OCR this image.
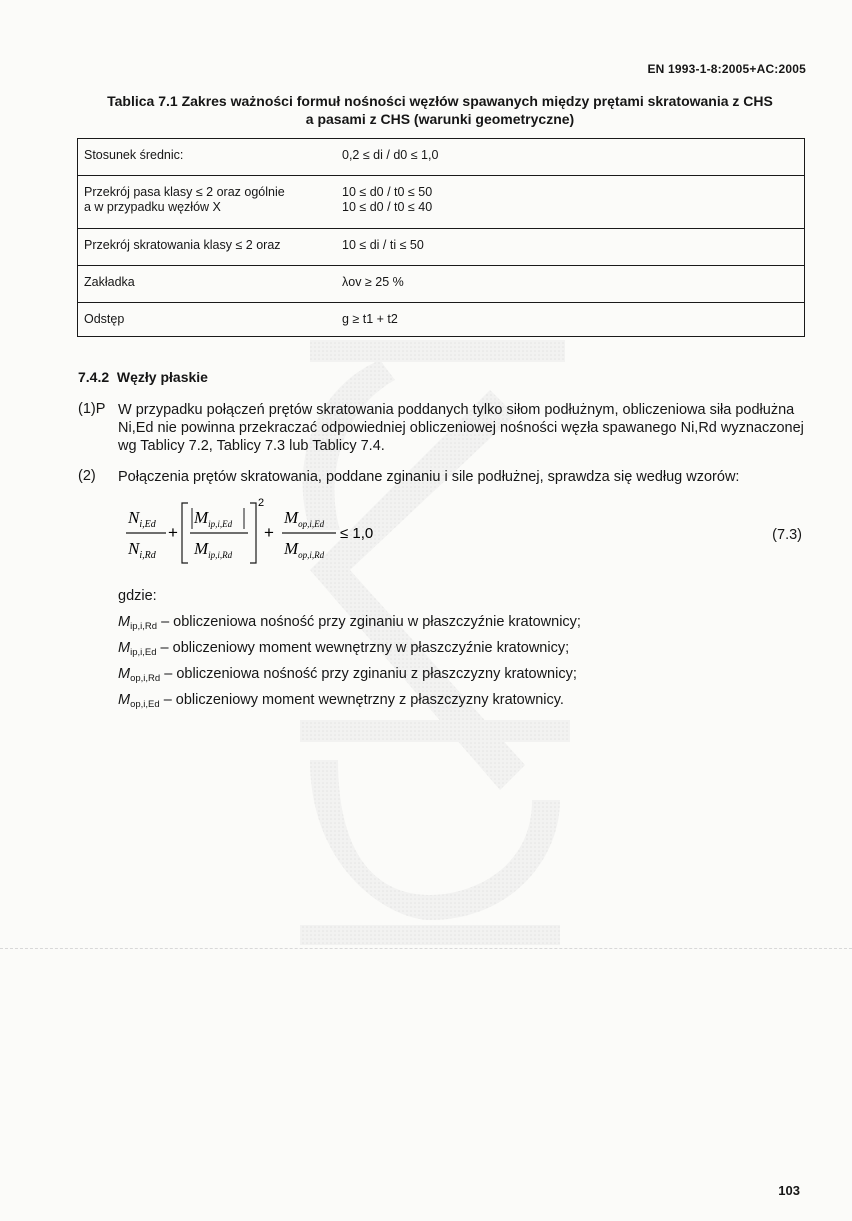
EN 1993-1-8:2005+AC:2005
Tablica 7.1 Zakres ważności formuł nośności węzłów spawanych między prętami skratowania z CHS
a pasami z CHS (warunki geometryczne)
Stosunek średnic:	0,2 ≤ di / d0 ≤ 1,0

Przekrój pasa klasy ≤ 2 oraz ogólnie	10 ≤ d0 / t0 ≤ 50
a w przypadku węzłów X	10 ≤ d0 / t0 ≤ 40

Przekrój skratowania klasy ≤ 2 oraz	10 ≤ di / ti ≤ 50

Zakładka	λov ≥ 25 %

Odstęp	g ≥ t1 + t2
7.4.2 Węzły płaskie
(1)P W przypadku połączeń prętów skratowania poddanych tylko siłom podłużnym, obliczeniowa siła podłużna
Ni,Ed nie powinna przekraczać odpowiedniej obliczeniowej nośności węzła spawanego Ni,Rd wyznaczonej
wg Tablicy 7.2, Tablicy 7.3 lub Tablicy 7.4.
(2) Połączenia prętów skratowania, poddane zginaniu i sile podłużnej, sprawdza się według wzorów:
$N_{i,Ed}$
$N_{i,Rd}$
+
$M_{ip,i,Ed}$
$M_{ip,i,Rd}$
2
+
$M_{op,i,Ed}$
$M_{op,i,Rd}$
≤ 1,0	(7.3)
gdzie:
$M_{ip,i,Rd}$ – obliczeniowa nośność przy zginaniu w płaszczyźnie kratownicy;
$M_{ip,i,Ed}$ – obliczeniowy moment wewnętrzny w płaszczyźnie kratownicy;
$M_{op,i,Rd}$ – obliczeniowa nośność przy zginaniu z płaszczyzny kratownicy;
$M_{op,i,Ed}$ – obliczeniowy moment wewnętrzny z płaszczyzny kratownicy.
103
